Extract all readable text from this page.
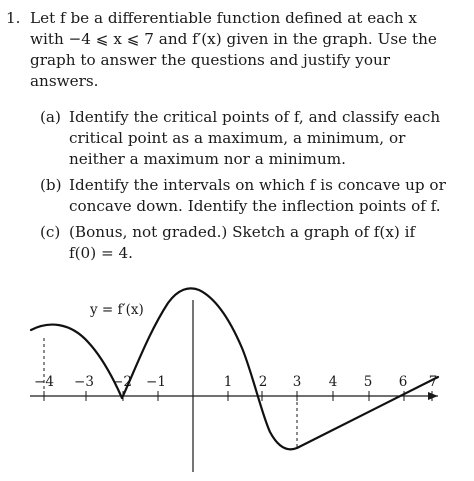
1. Let f be a differentiable function defined at each x
with −4 ⩽ x ⩽ 7 and f′(x) given in the graph. Use the
graph to answer the questions and justify your
answers.
(a) Identify the critical points of f, and classify each
critical point as a maximum, a minimum, or
neither a maximum nor a minimum.
(b) Identify the intervals on which f is concave up or
concave down. Identify the inflection points of f.
(c) (Bonus, not graded.) Sketch a graph of f(x) if
f(0) = 4.
−4 −3 −2 −1	1 2 3 4 5 6 7
y = f′(x)
